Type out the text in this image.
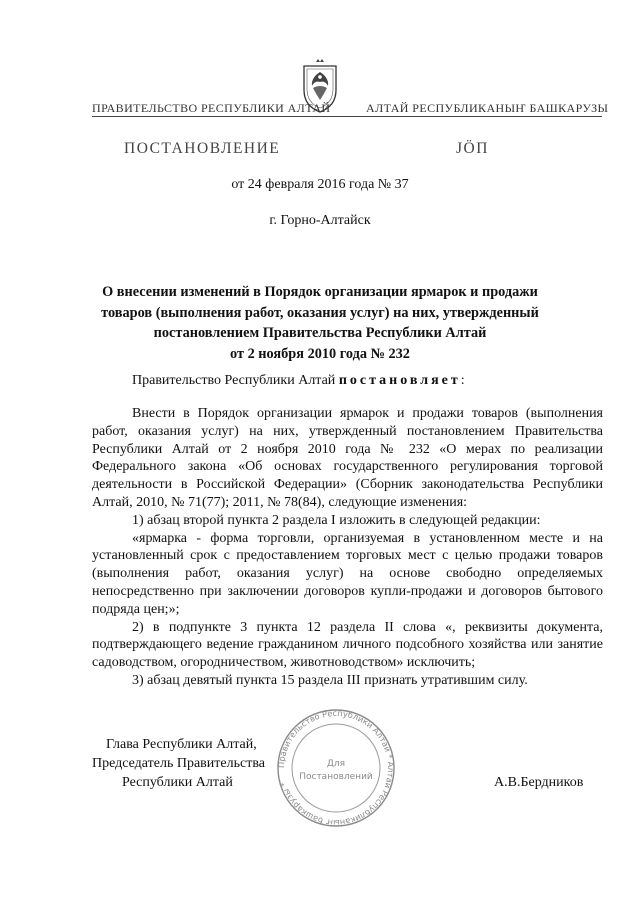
ПРАВИТЕЛЬСТВО РЕСПУБЛИКИ АЛТАЙ	АЛТАЙ РЕСПУБЛИКАНЫҤ БАШКАРУЗЫ
ПОСТАНОВЛЕНИЕ	ЈӦП
от 24 февраля 2016 года № 37
г. Горно-Алтайск
О внесении изменений в Порядок организации ярмарок и продажи
товаров (выполнения работ, оказания услуг) на них, утвержденный
постановлением Правительства Республики Алтай
от 2 ноября 2010 года № 232
Правительство Республики Алтай постановляет:
Внести в Порядок организации ярмарок и продажи товаров (выполнения работ, оказания услуг) на них, утвержденный постановлением Правительства Республики Алтай от 2 ноября 2010 года № 232 «О мерах по реализации Федерального закона «Об основах государственного регулирования торговой деятельности в Российской Федерации» (Сборник законодательства Республики Алтай, 2010, № 71(77); 2011, № 78(84), следующие изменения:
1) абзац второй пункта 2 раздела I изложить в следующей редакции:
«ярмарка - форма торговли, организуемая в установленном месте и на установленный срок с предоставлением торговых мест с целью продажи товаров (выполнения работ, оказания услуг) на основе свободно определяемых непосредственно при заключении договоров купли-продажи и договоров бытового подряда цен;»;
2) в подпункте 3 пункта 12 раздела II слова «, реквизиты документа, подтверждающего ведение гражданином личного подсобного хозяйства или занятие садоводством, огородничеством, животноводством» исключить;
3) абзац девятый пункта 15 раздела III признать утратившим силу.
Правительство Республики Алтай * Алтай Республиканыҥ башкарузы *
Для
Постановлений
Глава Республики Алтай,
Председатель Правительства
Республики Алтай	А.В.Бердников
